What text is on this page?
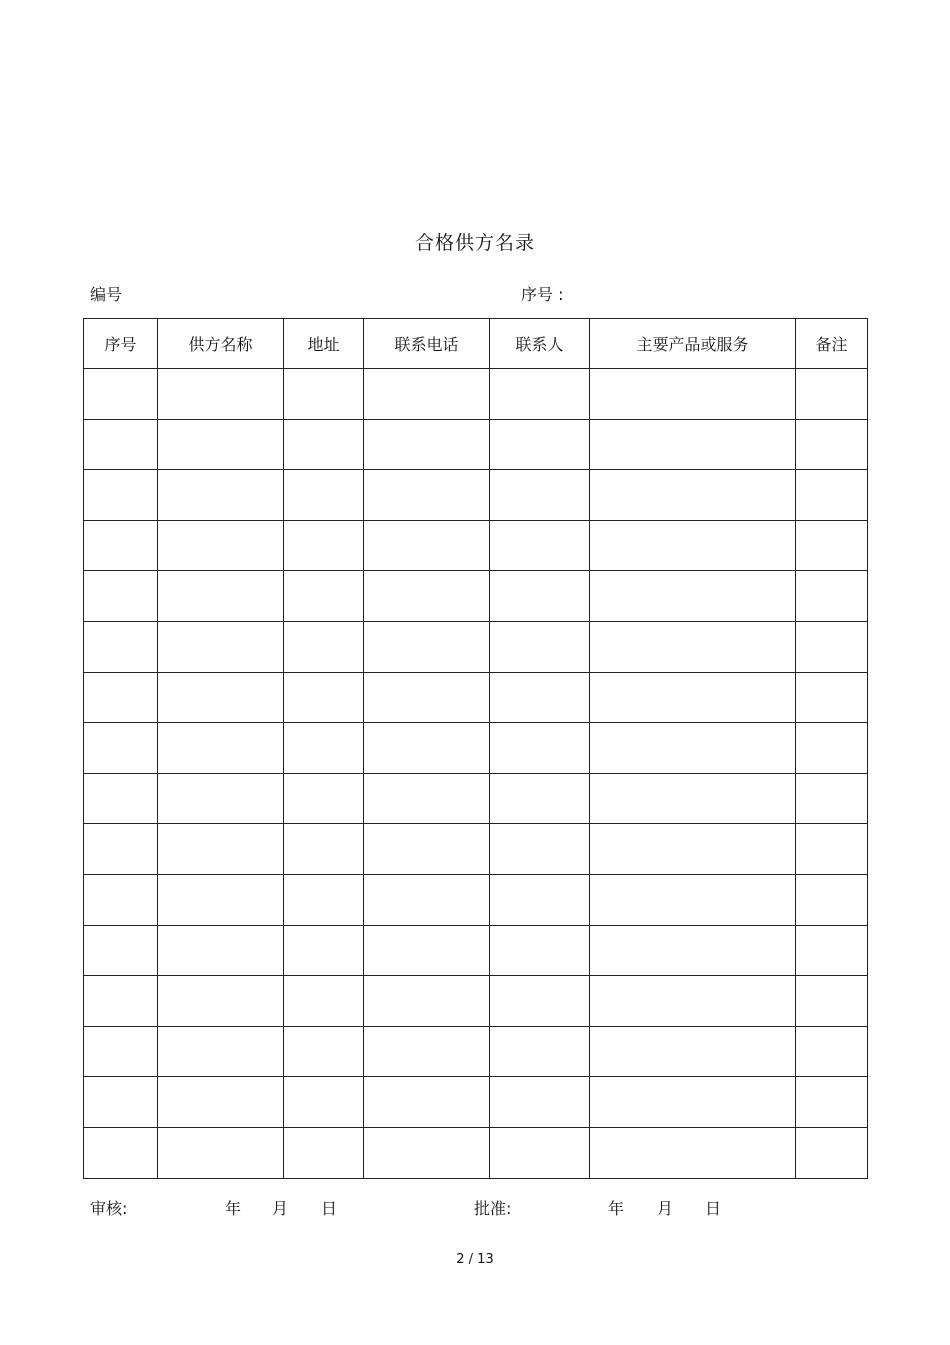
合格供方名录
编号	序号 :
序号	供方名称	地址	联系电话	联系人	主要产品或服务	备注

审核:	年 月 日	批准:	年 月 日
2 / 13
